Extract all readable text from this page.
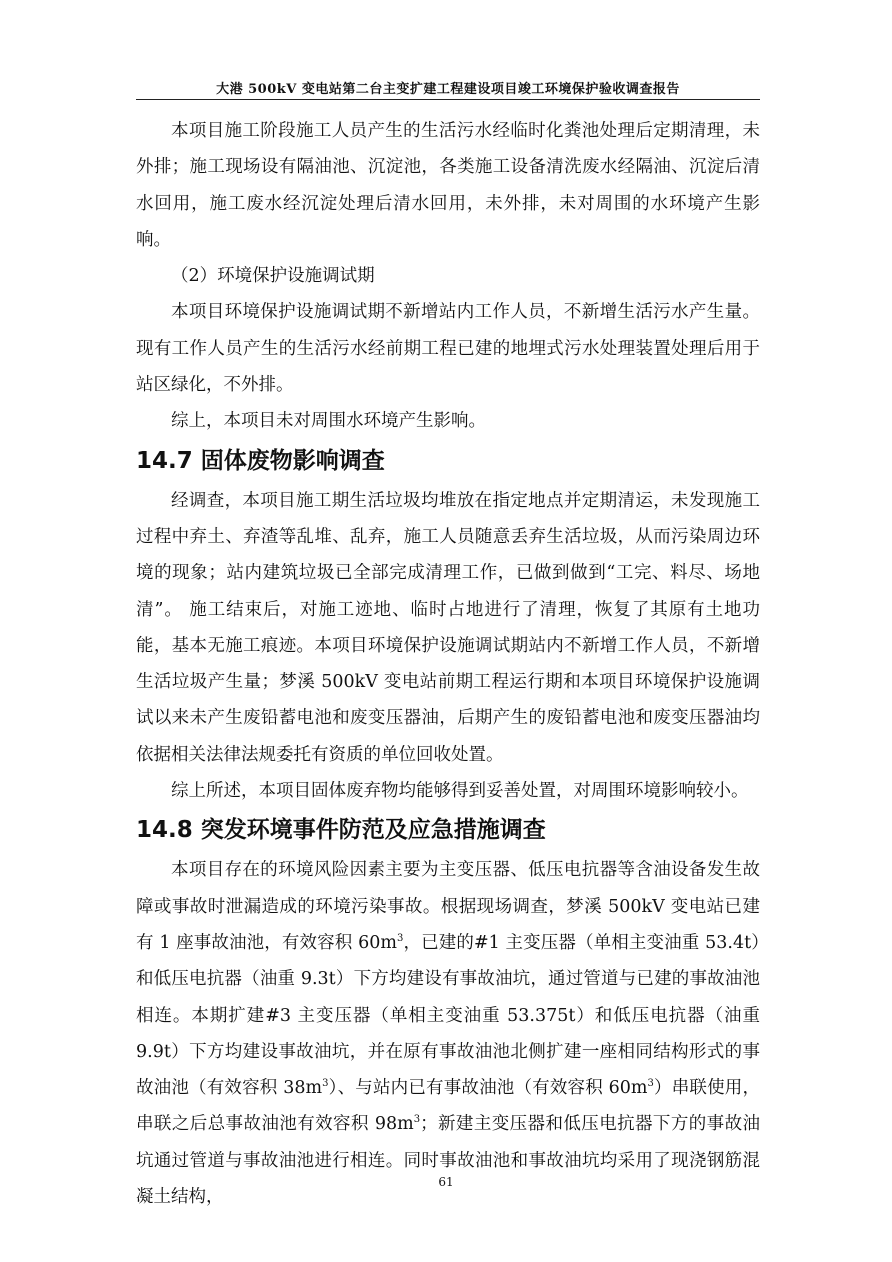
大港 500kV 变电站第二台主变扩建工程建设项目竣工环境保护验收调查报告

本项目施工阶段施工人员产生的生活污水经临时化粪池处理后定期清理，未外排；施工现场设有隔油池、沉淀池，各类施工设备清洗废水经隔油、沉淀后清水回用，施工废水经沉淀处理后清水回用，未外排，未对周围的水环境产生影响。

（2）环境保护设施调试期

本项目环境保护设施调试期不新增站内工作人员，不新增生活污水产生量。现有工作人员产生的生活污水经前期工程已建的地埋式污水处理装置处理后用于站区绿化，不外排。

综上，本项目未对周围水环境产生影响。

14.7 固体废物影响调查

经调查，本项目施工期生活垃圾均堆放在指定地点并定期清运，未发现施工过程中弃土、弃渣等乱堆、乱弃，施工人员随意丢弃生活垃圾，从而污染周边环境的现象；站内建筑垃圾已全部完成清理工作，已做到做到“工完、料尽、场地清”。 施工结束后，对施工迹地、临时占地进行了清理，恢复了其原有土地功能，基本无施工痕迹。本项目环境保护设施调试期站内不新增工作人员，不新增生活垃圾产生量；梦溪 500kV 变电站前期工程运行期和本项目环境保护设施调试以来未产生废铅蓄电池和废变压器油，后期产生的废铅蓄电池和废变压器油均依据相关法律法规委托有资质的单位回收处置。

综上所述，本项目固体废弃物均能够得到妥善处置，对周围环境影响较小。

14.8 突发环境事件防范及应急措施调查

本项目存在的环境风险因素主要为主变压器、低压电抗器等含油设备发生故障或事故时泄漏造成的环境污染事故。根据现场调查，梦溪 500kV 变电站已建有 1 座事故油池，有效容积 $60m^3$，已建的#1 主变压器（单相主变油重 53.4t）和低压电抗器（油重 9.3t）下方均建设有事故油坑，通过管道与已建的事故油池相连。本期扩建#3 主变压器（单相主变油重 53.375t）和低压电抗器（油重 9.9t）下方均建设事故油坑，并在原有事故油池北侧扩建一座相同结构形式的事故油池（有效容积 $38m^3$）、与站内已有事故油池（有效容积 $60m^3$）串联使用，串联之后总事故油池有效容积 $98m^3$；新建主变压器和低压电抗器下方的事故油坑通过管道与事故油池进行相连。同时事故油池和事故油坑均采用了现浇钢筋混凝土结构，

61
